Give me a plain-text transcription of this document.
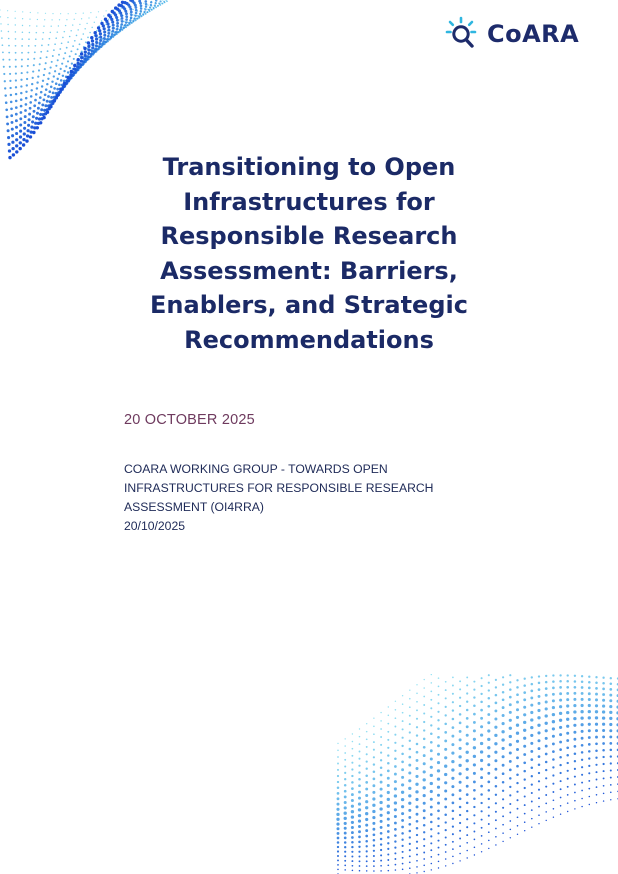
CoARA
Transitioning to Open Infrastructures for Responsible Research Assessment: Barriers, Enablers, and Strategic Recommendations

20 OCTOBER 2025

COARA WORKING GROUP - TOWARDS OPEN INFRASTRUCTURES FOR RESPONSIBLE RESEARCH ASSESSMENT (OI4RRA)

20/10/2025
